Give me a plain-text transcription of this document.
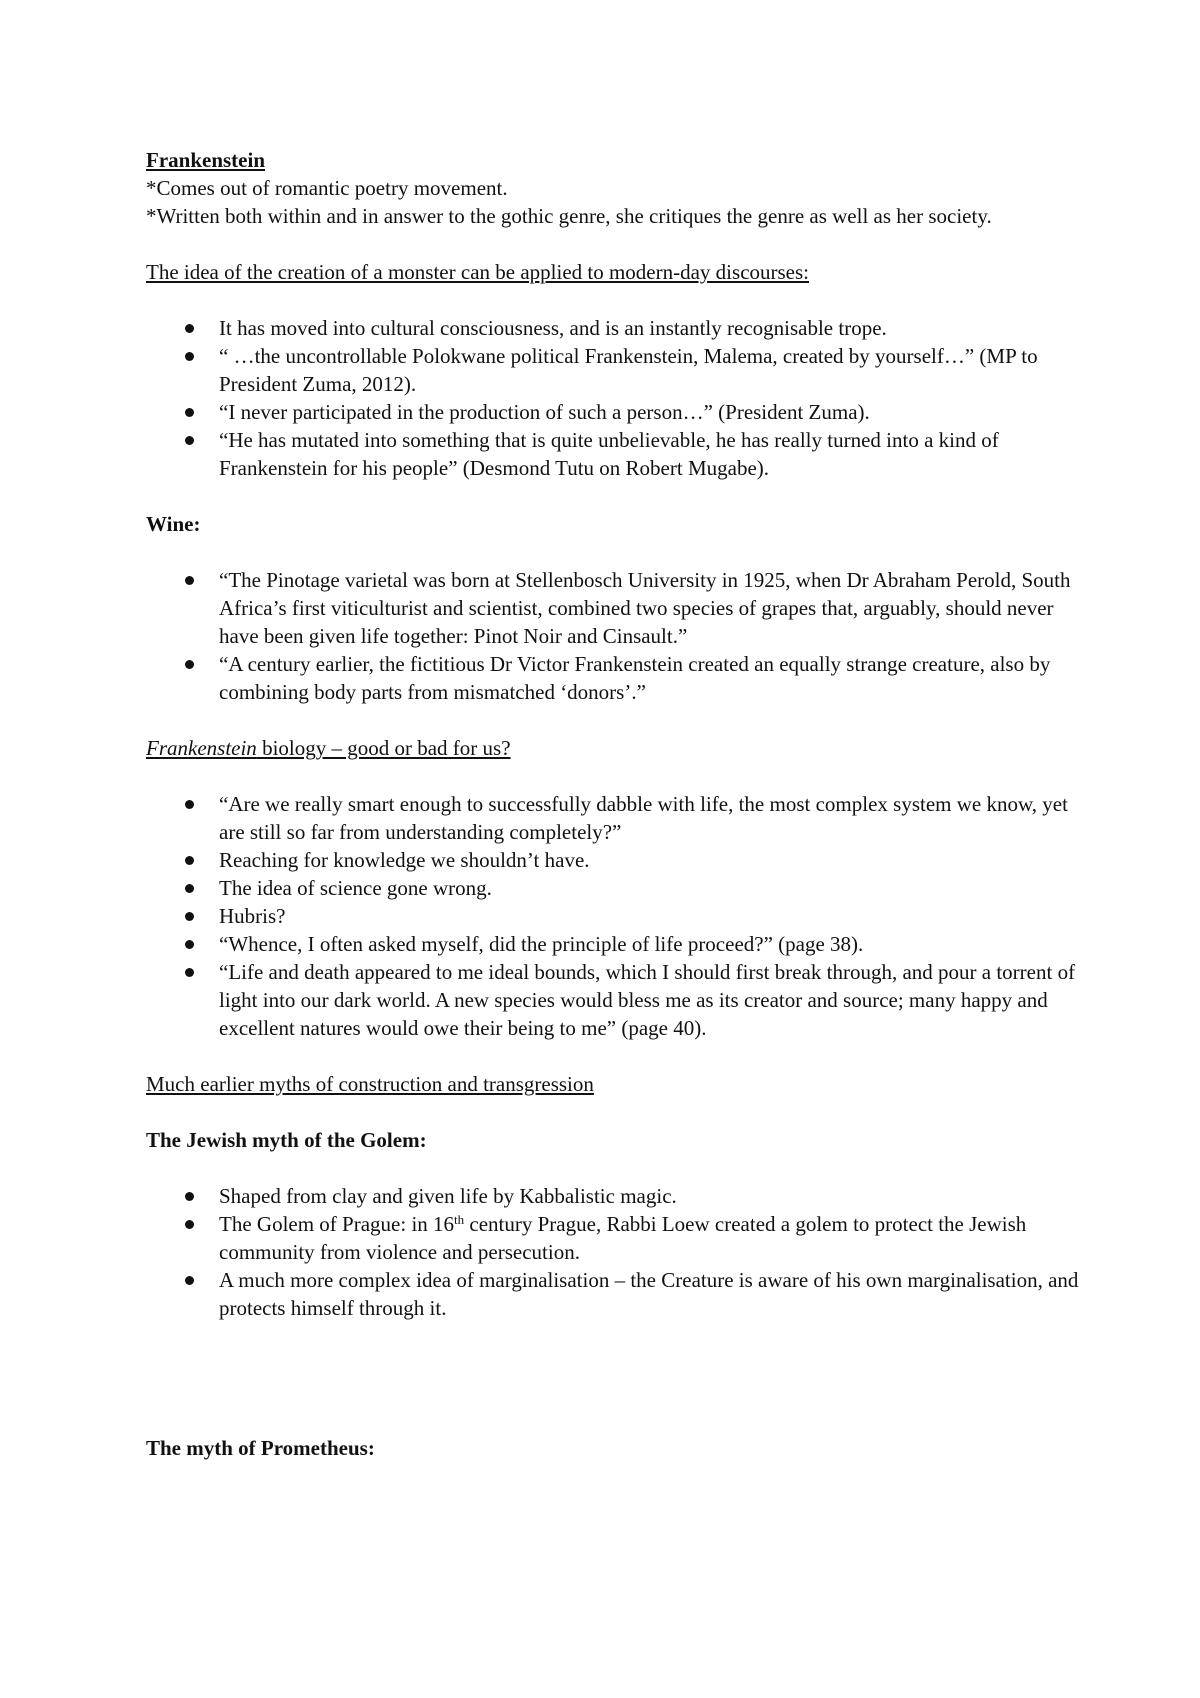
Frankenstein

*Comes out of romantic poetry movement.

*Written both within and in answer to the gothic genre, she critiques the genre as well as her society.

The idea of the creation of a monster can be applied to modern-day discourses:

It has moved into cultural consciousness, and is an instantly recognisable trope.
“ …the uncontrollable Polokwane political Frankenstein, Malema, created by yourself…” (MP to President Zuma, 2012).
“I never participated in the production of such a person…” (President Zuma).
“He has mutated into something that is quite unbelievable, he has really turned into a kind of Frankenstein for his people” (Desmond Tutu on Robert Mugabe).

Wine:

“The Pinotage varietal was born at Stellenbosch University in 1925, when Dr Abraham Perold, South Africa’s first viticulturist and scientist, combined two species of grapes that, arguably, should never have been given life together: Pinot Noir and Cinsault.”
“A century earlier, the fictitious Dr Victor Frankenstein created an equally strange creature, also by combining body parts from mismatched ‘donors’.”

Frankenstein biology – good or bad for us?

“Are we really smart enough to successfully dabble with life, the most complex system we know, yet are still so far from understanding completely?”
Reaching for knowledge we shouldn’t have.
The idea of science gone wrong.
Hubris?
“Whence, I often asked myself, did the principle of life proceed?” (page 38).
“Life and death appeared to me ideal bounds, which I should first break through, and pour a torrent of light into our dark world. A new species would bless me as its creator and source; many happy and excellent natures would owe their being to me” (page 40).

Much earlier myths of construction and transgression

The Jewish myth of the Golem:

Shaped from clay and given life by Kabbalistic magic.
The Golem of Prague: in 16th century Prague, Rabbi Loew created a golem to protect the Jewish community from violence and persecution.
A much more complex idea of marginalisation – the Creature is aware of his own marginalisation, and protects himself through it.

The myth of Prometheus:
